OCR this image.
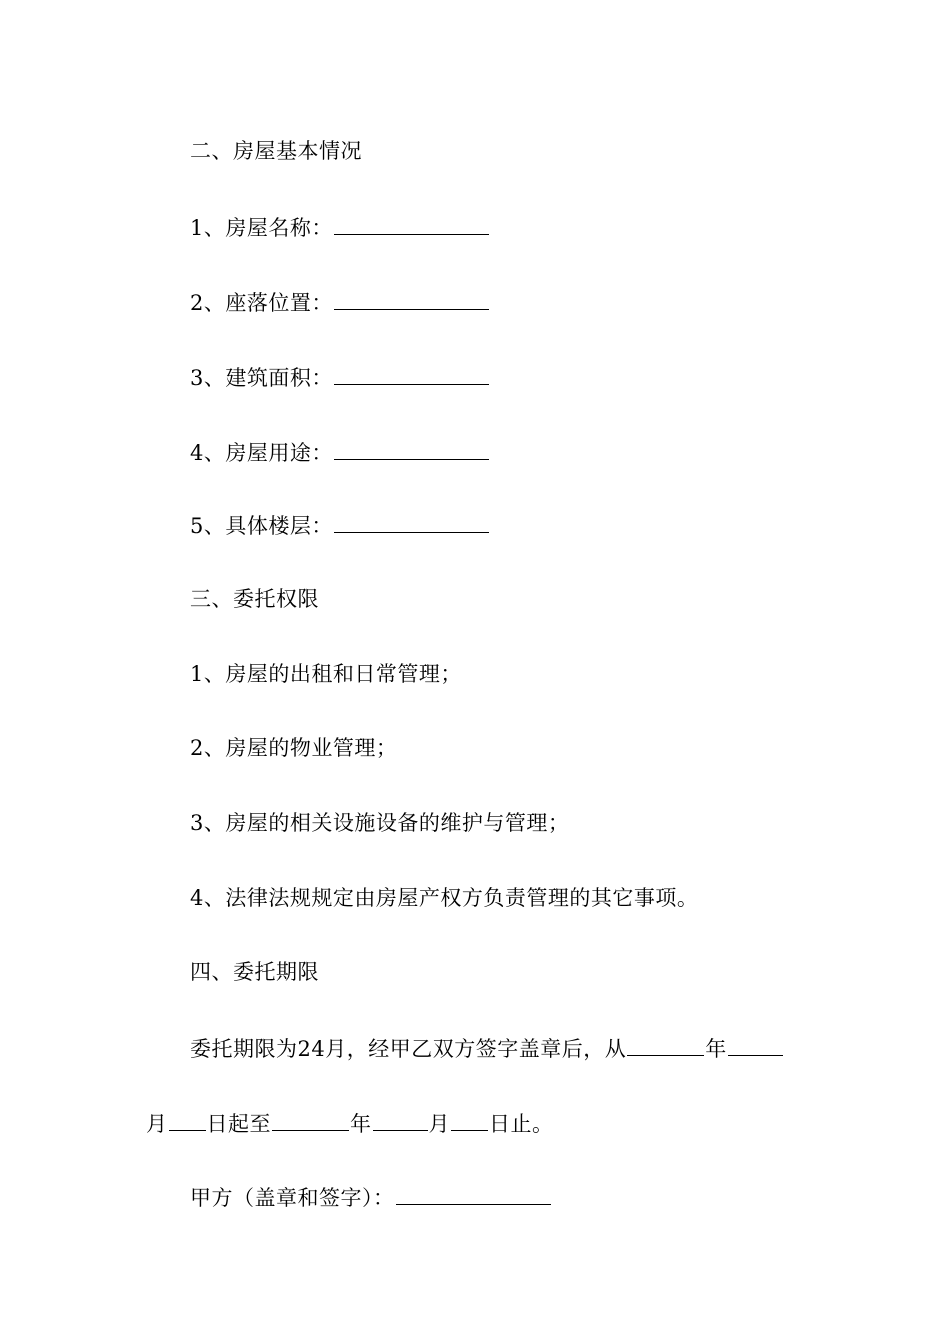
二、房屋基本情况
1、房屋名称：
2、座落位置：
3、建筑面积：
4、房屋用途：
5、具体楼层：
三、委托权限
1、房屋的出租和日常管理；
2、房屋的物业管理；
3、房屋的相关设施设备的维护与管理；
4、法律法规规定由房屋产权方负责管理的其它事项。
四、委托期限
委托期限为24月，经甲乙双方签字盖章后，从	年
月 日起至	年	月 日止。
甲方（盖章和签字）：
